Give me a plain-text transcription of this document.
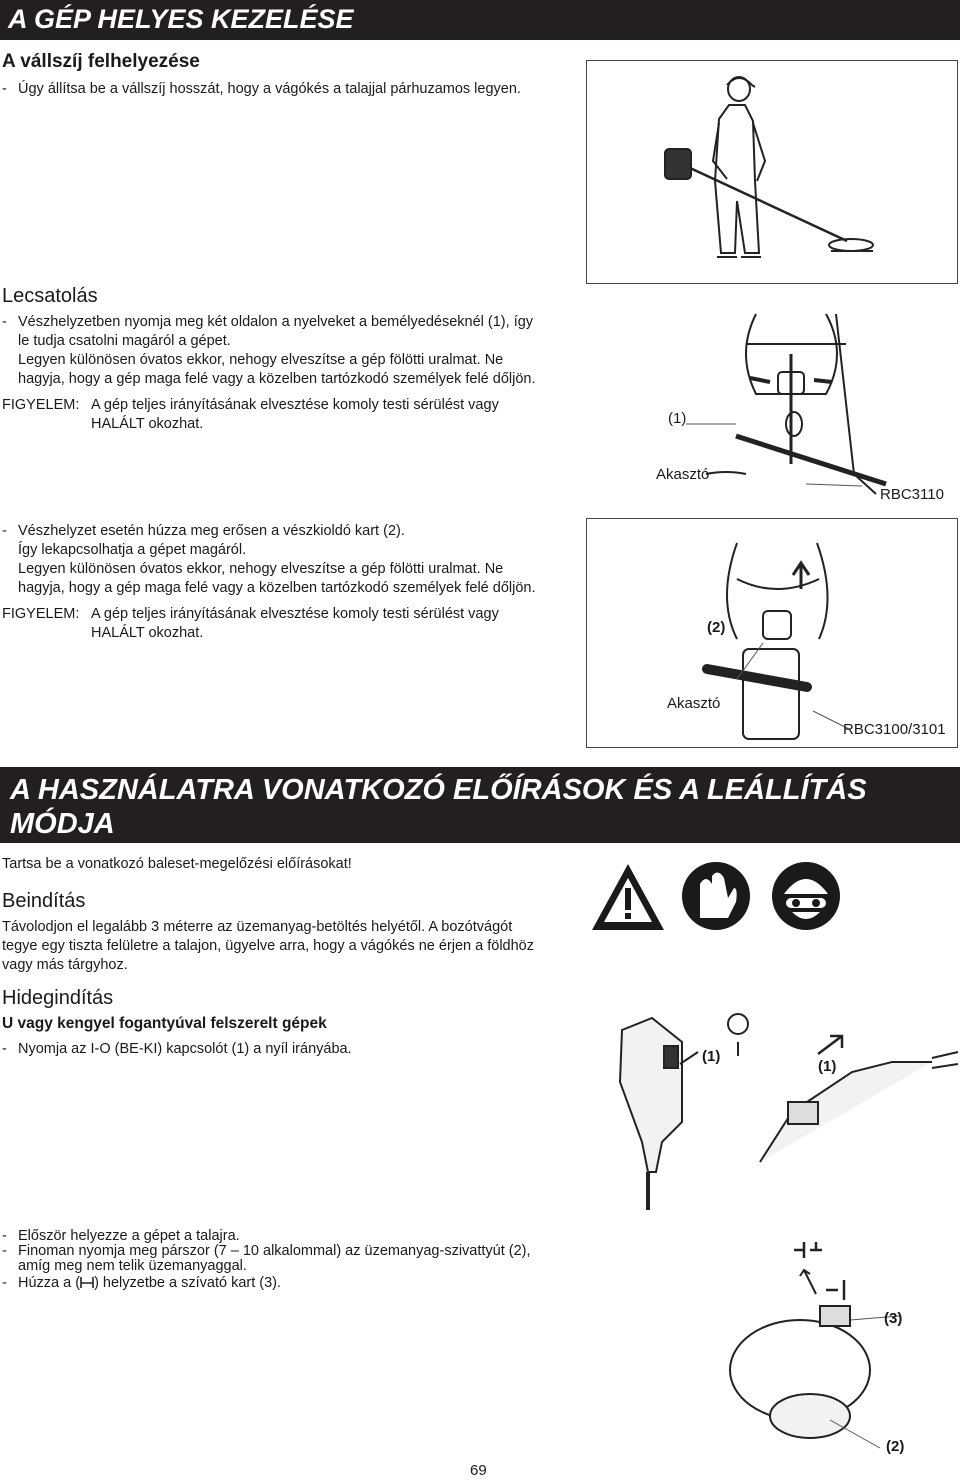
A GÉP HELYES KEZELÉSE
A vállszíj felhelyezése
- Úgy állítsa be a vállszíj hosszát, hogy a vágókés a talajjal párhuzamos legyen.
Lecsatolás
- Vészhelyzetben nyomja meg két oldalon a nyelveket a bemélyedéseknél (1), így
le tudja csatolni magáról a gépet.
Legyen különösen óvatos ekkor, nehogy elveszítse a gép fölötti uralmat. Ne
hagyja, hogy a gép maga felé vagy a közelben tartózkodó személyek felé dőljön.
FIGYELEM: A gép teljes irányításának elvesztése komoly testi sérülést vagy
HALÁLT okozhat.	(1)
Akasztó
RBC3110
- Vészhelyzet esetén húzza meg erősen a vészkioldó kart (2).
Így lekapcsolhatja a gépet magáról.
Legyen különösen óvatos ekkor, nehogy elveszítse a gép fölötti uralmat. Ne
hagyja, hogy a gép maga felé vagy a közelben tartózkodó személyek felé dőljön.
FIGYELEM: A gép teljes irányításának elvesztése komoly testi sérülést vagy
HALÁLT okozhat.	(2)
Akasztó
RBC3100/3101
A HASZNÁLATRA VONATKOZÓ ELŐÍRÁSOK ÉS A LEÁLLÍTÁS
MÓDJA
Tartsa be a vonatkozó baleset-megelőzési előírásokat!
Beindítás
Távolodjon el legalább 3 méterre az üzemanyag-betöltés helyétől. A bozótvágót
tegye egy tiszta felületre a talajon, ügyelve arra, hogy a vágókés ne érjen a földhöz
vagy más tárgyhoz.
Hidegindítás
U vagy kengyel fogantyúval felszerelt gépek
- Nyomja az I-O (BE-KI) kapcsolót (1) a nyíl irányába.	(1)
(1)
- Először helyezze a gépet a talajra.
- Finoman nyomja meg párszor (7 – 10 alkalommal) az üzemanyag-szivattyút (2),
amíg meg nem telik üzemanyaggal.
- Húzza a ( ) helyzetbe a szívató kart (3).
(3)
(2)
69
